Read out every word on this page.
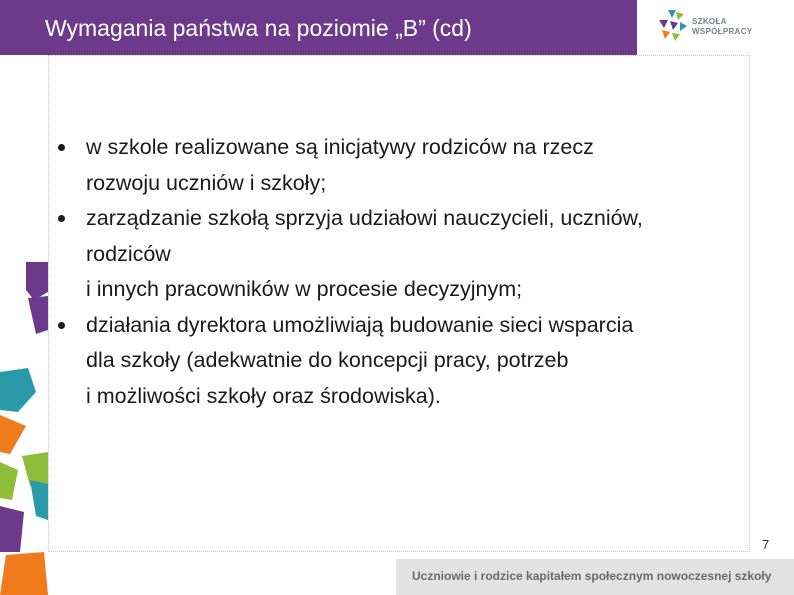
Wymagania państwa na poziomie „B” (cd)	SZKOŁA
WSPÓŁPRACY
w szkole realizowane są inicjatywy rodziców na rzecz
rozwoju uczniów i szkoły;
zarządzanie szkołą sprzyja udziałowi nauczycieli, uczniów,
rodziców
i innych pracowników w procesie decyzyjnym;
działania dyrektora umożliwiają budowanie sieci wsparcia
dla szkoły (adekwatnie do koncepcji pracy, potrzeb
i możliwości szkoły oraz środowiska).
7
Uczniowie i rodzice kapitałem społecznym nowoczesnej szkoły
